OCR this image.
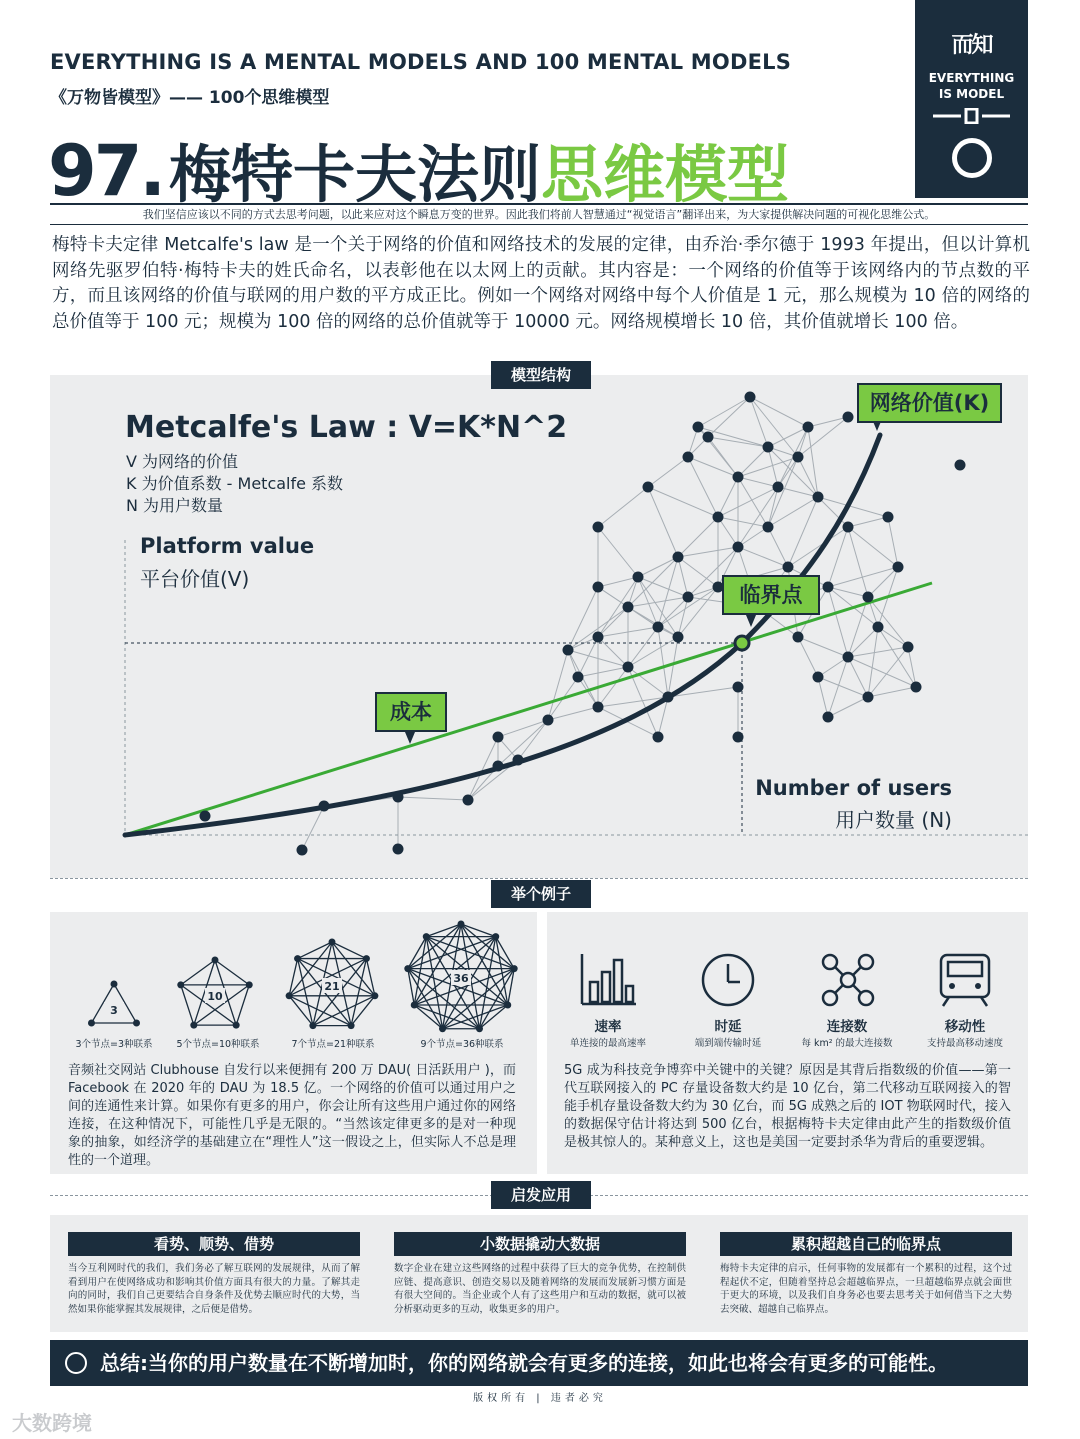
EVERYTHING IS A MENTAL MODELS AND 100 MENTAL MODELS
《万物皆模型》—— 100个思维模型
97. 梅特卡夫法则 思维模型
而知
EVERYTHING
IS MODEL
我们坚信应该以不同的方式去思考问题，以此来应对这个瞬息万变的世界。因此我们将前人智慧通过“视觉语言”翻译出来，为大家提供解决问题的可视化思维公式。
梅特卡夫定律 Metcalfe's law 是一个关于网络的价值和网络技术的发展的定律，由乔治·季尔德于 1993 年提出，但以计算机网络先驱罗伯特·梅特卡夫的姓氏命名，以表彰他在以太网上的贡献。其内容是：一个网络的价值等于该网络内的节点数的平方，而且该网络的价值与联网的用户数的平方成正比。例如一个网络对网络中每个人价值是 1 元，那么规模为 10 倍的网络的总价值等于 100 元；规模为 100 倍的网络的总价值就等于 10000 元。网络规模增长 10 倍，其价值就增长 100 倍。
模型结构
Metcalfe's Law : V=K*N^2
V 为网络的价值
K 为价值系数 - Metcalfe 系数
N 为用户数量
Platform value
平台价值(V)
Number of users
用户数量 (N)
网络价值(K)
临界点
成本
举个例子
3
10
21
36
3个节点=3种联系	5个节点=10种联系	7个节点=21种联系	9个节点=36种联系
音频社交网站 Clubhouse 自发行以来便拥有 200 万 DAU( 日活跃用户 )，而 Facebook 在 2020 年的 DAU 为 18.5 亿。一个网络的价值可以通过用户之间的连通性来计算。如果你有更多的用户，你会让所有这些用户通过你的网络连接，在这种情况下，可能性几乎是无限的。“当然该定律更多的是对一种现象的抽象，如经济学的基础建立在“理性人”这一假设之上，但实际人不总是理性的一个道理。
速率	时延	连接数	移动性
单连接的最高速率	端到端传输时延	每 km² 的最大连接数	支持最高移动速度
5G 成为科技竞争博弈中关键中的关键？原因是其背后指数级的价值——第一代互联网接入的 PC 存量设备数大约是 10 亿台，第二代移动互联网接入的智能手机存量设备数大约为 30 亿台，而 5G 成熟之后的 IOT 物联网时代，接入的数据保守估计将达到 500 亿台，根据梅特卡夫定律由此产生的指数级价值是极其惊人的。某种意义上，这也是美国一定要封杀华为背后的重要逻辑。
启发应用
看势、顺势、借势	小数据撬动大数据	累积超越自己的临界点
当今互利网时代的我们，我们务必了解互联网的发展规律，从而了解看到用户在使网络成功和影响其价值方面具有很大的力量。了解其走向的同时，我们自己更要结合自身条件及优势去顺应时代的大势，当然如果你能掌握其发展规律，之后便是借势。
数字企业在建立这些网络的过程中获得了巨大的竞争优势，在控制供应链、提高意识、创造交易以及随着网络的发展而发展新习惯方面是有很大空间的。当企业或个人有了这些用户和互动的数据，就可以被分析驱动更多的互动，收集更多的用户。
梅特卡夫定律的启示，任何事物的发展都有一个累积的过程，这个过程起伏不定，但随着坚持总会超越临界点，一旦超越临界点就会面世于更大的环境，以及我们自身务必也要去思考关于如何借当下之大势去突破、超越自己临界点。
总结:当你的用户数量在不断增加时，你的网络就会有更多的连接，如此也将会有更多的可能性。
版权所有 | 违者必究
大数跨境
